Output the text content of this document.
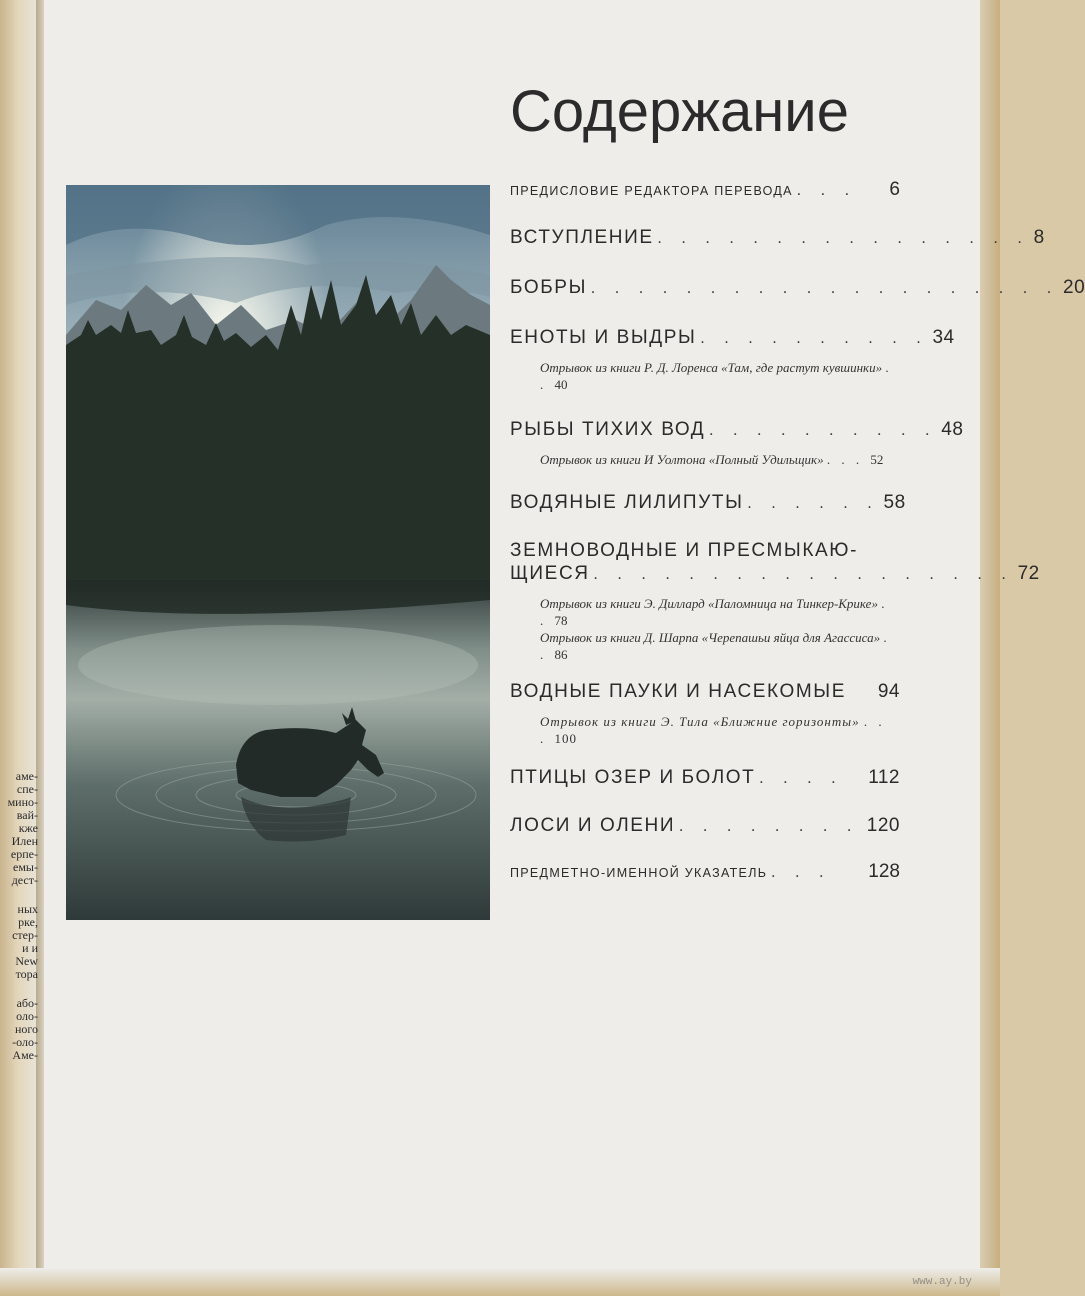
аме-
спе-
мино-
вай-
кже
Илен
ерпе-
емы-
дест-
ных
рке,
стер-
и и
New
тора
або-
оло-
ного
-оло-
Аме-
Содержание
ПРЕДИСЛОВИЕ РЕДАКТОРА ПЕРЕВОДА . . .	6
ВСТУПЛЕНИЕ . . . . . . . . . . . . . . . . 8
БОБРЫ . . . . . . . . . . . . . . . . . . . . 20
ЕНОТЫ И ВЫДРЫ . . . . . . . . . . 34
Отрывок из книги Р. Д. Лоренса «Там, где растут кувшинки» . . 40
РЫБЫ ТИХИХ ВОД . . . . . . . . . . 48
Отрывок из книги И Уолтона «Полный Удильщик» . . . 52
ВОДЯНЫЕ ЛИЛИПУТЫ . . . . . . 58
ЗЕМНОВОДНЫЕ И ПРЕСМЫКАЮ-
ЩИЕСЯ . . . . . . . . . . . . . . . . . . 72
Отрывок из книги Э. Диллард «Паломница на Тинкер-Крике» . . 78
Отрывок из книги Д. Шарпа «Черепашьи яйца для Агассиса» . . 86
ВОДНЫЕ ПАУКИ И НАСЕКОМЫЕ 94
Отрывок из книги Э. Тила «Ближние горизонты» . . . 100
ПТИЦЫ ОЗЕР И БОЛОТ . . . .	112
ЛОСИ И ОЛЕНИ . . . . . . . . 120
ПРЕДМЕТНО-ИМЕННОЙ УКАЗАТЕЛЬ . . .	128
www.ay.by
